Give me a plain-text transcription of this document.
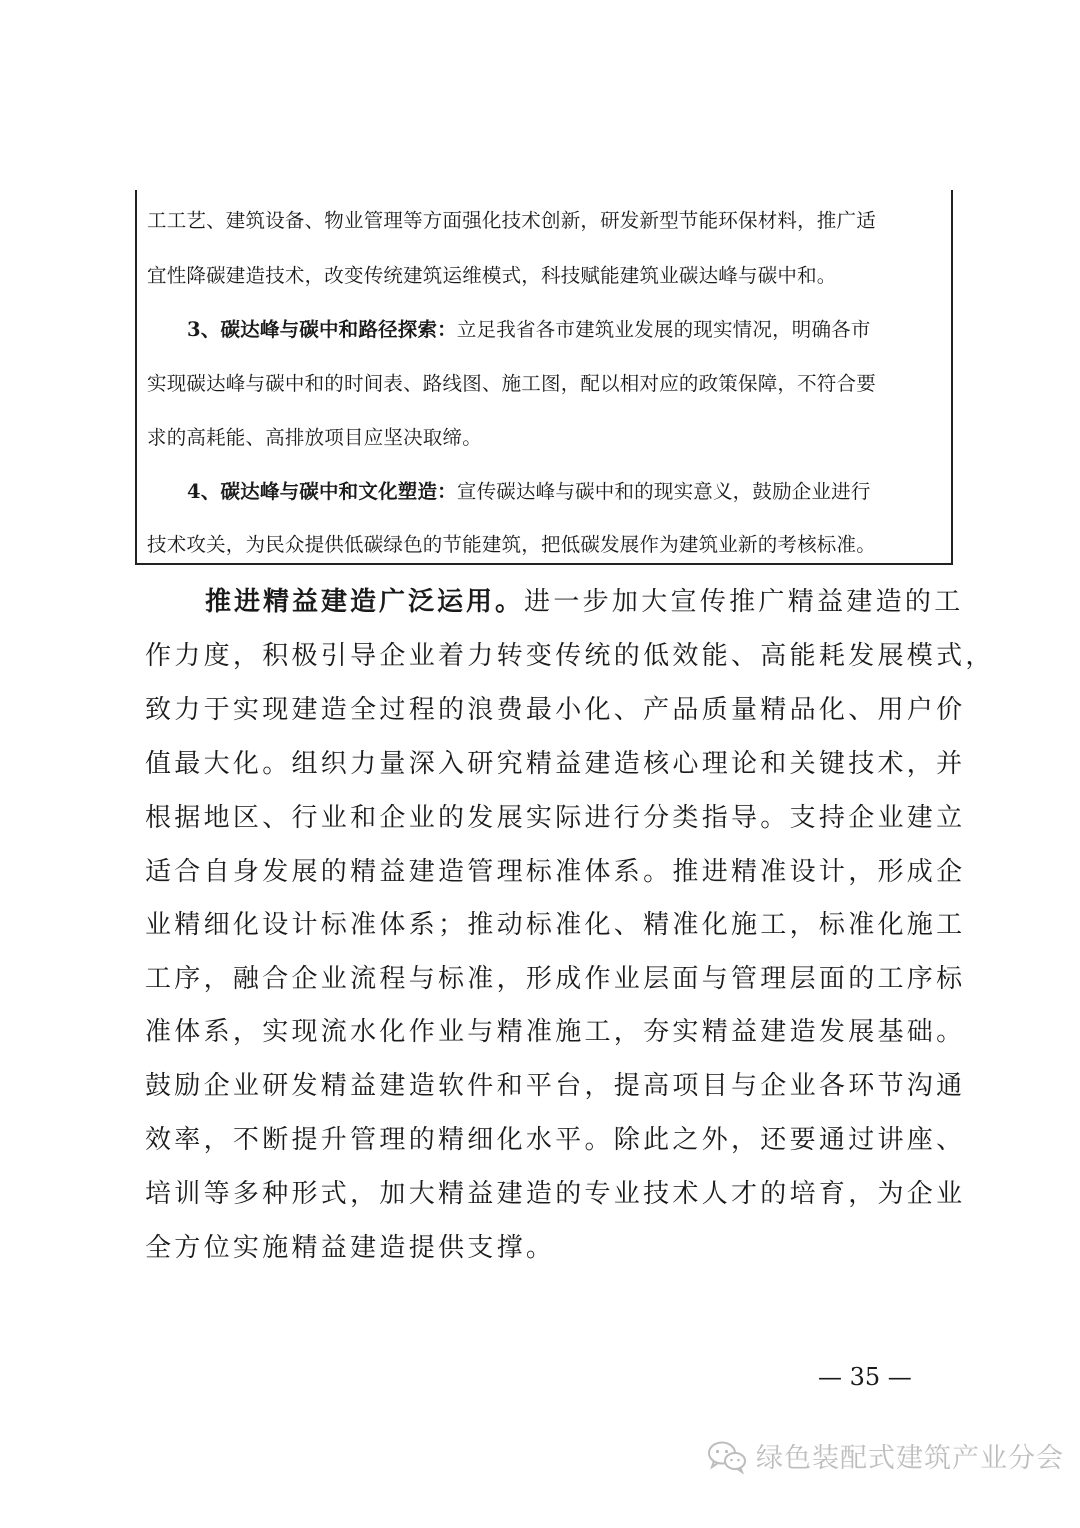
工工艺、建筑设备、物业管理等方面强化技术创新，研发新型节能环保材料，推广适
宜性降碳建造技术，改变传统建筑运维模式，科技赋能建筑业碳达峰与碳中和。
3、碳达峰与碳中和路径探索：立足我省各市建筑业发展的现实情况，明确各市
实现碳达峰与碳中和的时间表、路线图、施工图，配以相对应的政策保障，不符合要
求的高耗能、高排放项目应坚决取缔。
4、碳达峰与碳中和文化塑造：宣传碳达峰与碳中和的现实意义，鼓励企业进行
技术攻关，为民众提供低碳绿色的节能建筑，把低碳发展作为建筑业新的考核标准。
推进精益建造广泛运用。进一步加大宣传推广精益建造的工
作力度，积极引导企业着力转变传统的低效能、高能耗发展模式，
致力于实现建造全过程的浪费最小化、产品质量精品化、用户价
值最大化。组织力量深入研究精益建造核心理论和关键技术，并
根据地区、行业和企业的发展实际进行分类指导。支持企业建立
适合自身发展的精益建造管理标准体系。推进精准设计，形成企
业精细化设计标准体系；推动标准化、精准化施工，标准化施工
工序，融合企业流程与标准，形成作业层面与管理层面的工序标
准体系，实现流水化作业与精准施工，夯实精益建造发展基础。
鼓励企业研发精益建造软件和平台，提高项目与企业各环节沟通
效率，不断提升管理的精细化水平。除此之外，还要通过讲座、
培训等多种形式，加大精益建造的专业技术人才的培育，为企业
全方位实施精益建造提供支撑。
— 35 —
绿色装配式建筑产业分会
